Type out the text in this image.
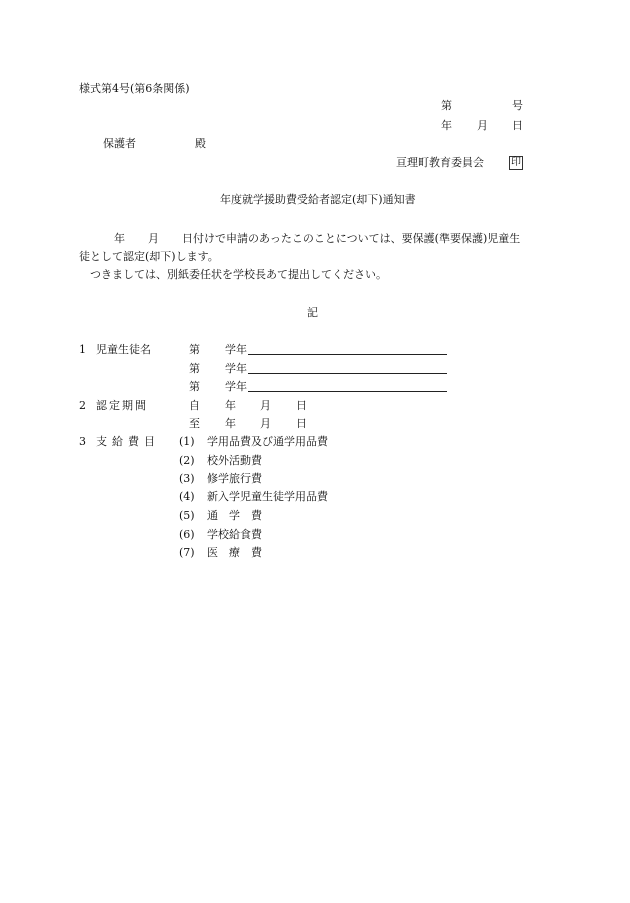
様式第4号(第6条関係)
第	号
年 月 日
保護者	殿
亘理町教育委員会	印
年度就学援助費受給者認定(却下)通知書
年 月 日付けで申請のあったこのことについては、要保護(準要保護)児童生
徒として認定(却下)します。
つきましては、別紙委任状を学校長あて提出してください。
記
1 児童生徒名	第 学年
第 学年
第 学年
2 認定期間	自 年 月 日
至 年 月 日
3 支給費目 (1) 学用品費及び通学用品費
(2) 校外活動費
(3) 修学旅行費
(4) 新入学児童生徒学用品費
(5) 通　学　費
(6) 学校給食費
(7) 医　療　費
